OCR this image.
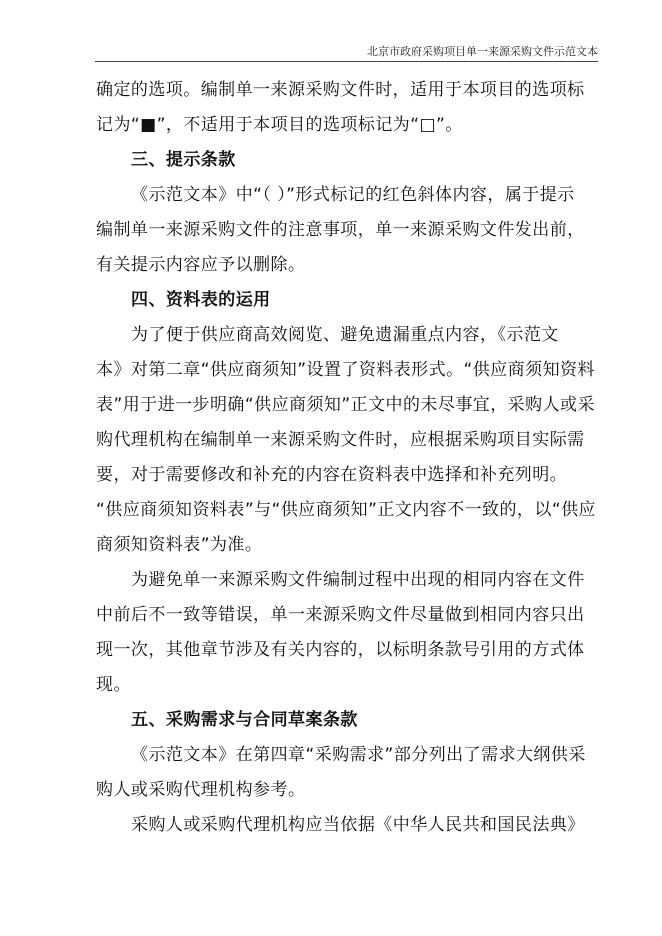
北京市政府采购项目单一来源采购文件示范文本
确定的选项。编制单一来源采购文件时，适用于本项目的选项标
记为“■”，不适用于本项目的选项标记为“□”。
三、提示条款
《示范文本》中“（ ）”形式标记的红色斜体内容，属于提示
编制单一来源采购文件的注意事项，单一来源采购文件发出前，
有关提示内容应予以删除。
四、资料表的运用
为了便于供应商高效阅览、避免遗漏重点内容，《示范文
本》对第二章“供应商须知”设置了资料表形式。“供应商须知资料
表”用于进一步明确“供应商须知”正文中的未尽事宜，采购人或采
购代理机构在编制单一来源采购文件时，应根据采购项目实际需
要，对于需要修改和补充的内容在资料表中选择和补充列明。
“供应商须知资料表”与“供应商须知”正文内容不一致的，以“供应
商须知资料表”为准。
为避免单一来源采购文件编制过程中出现的相同内容在文件
中前后不一致等错误，单一来源采购文件尽量做到相同内容只出
现一次，其他章节涉及有关内容的，以标明条款号引用的方式体
现。
五、采购需求与合同草案条款
《示范文本》在第四章“采购需求”部分列出了需求大纲供采
购人或采购代理机构参考。
采购人或采购代理机构应当依据《中华人民共和国民法典》
